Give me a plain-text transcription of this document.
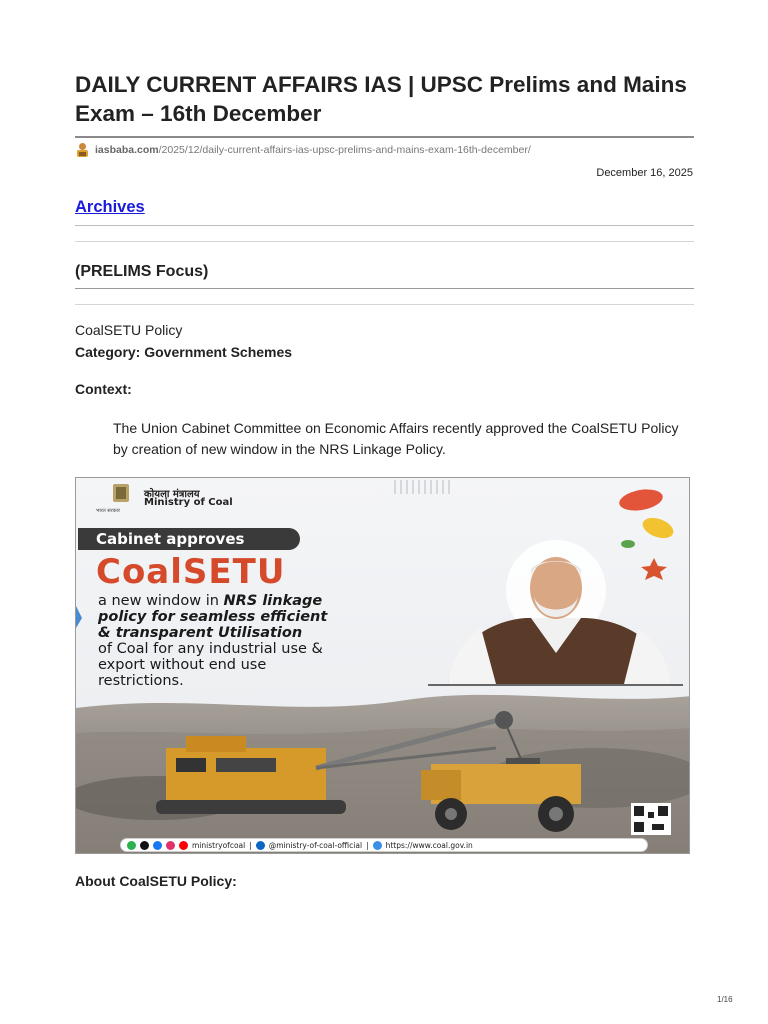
DAILY CURRENT AFFAIRS IAS | UPSC Prelims and Mains Exam – 16th December
iasbaba.com /2025/12/daily-current-affairs-ias-upsc-prelims-and-mains-exam-16th-december/
December 16, 2025
Archives
(PRELIMS Focus)
CoalSETU Policy
Category: Government Schemes
Context:
The Union Cabinet Committee on Economic Affairs recently approved the CoalSETU Policy by creation of new window in the NRS Linkage Policy.
कोयला मंत्रालय
Ministry of Coal
भारत सरकार
Cabinet approves
CoalSETU
a new window in NRS linkage
policy for seamless efficient
& transparent Utilisation
of Coal for any industrial use &
export without end use
restrictions.
ministryofcoal | @ministry-of-coal-official | https://www.coal.gov.in
About CoalSETU Policy:
1/16
